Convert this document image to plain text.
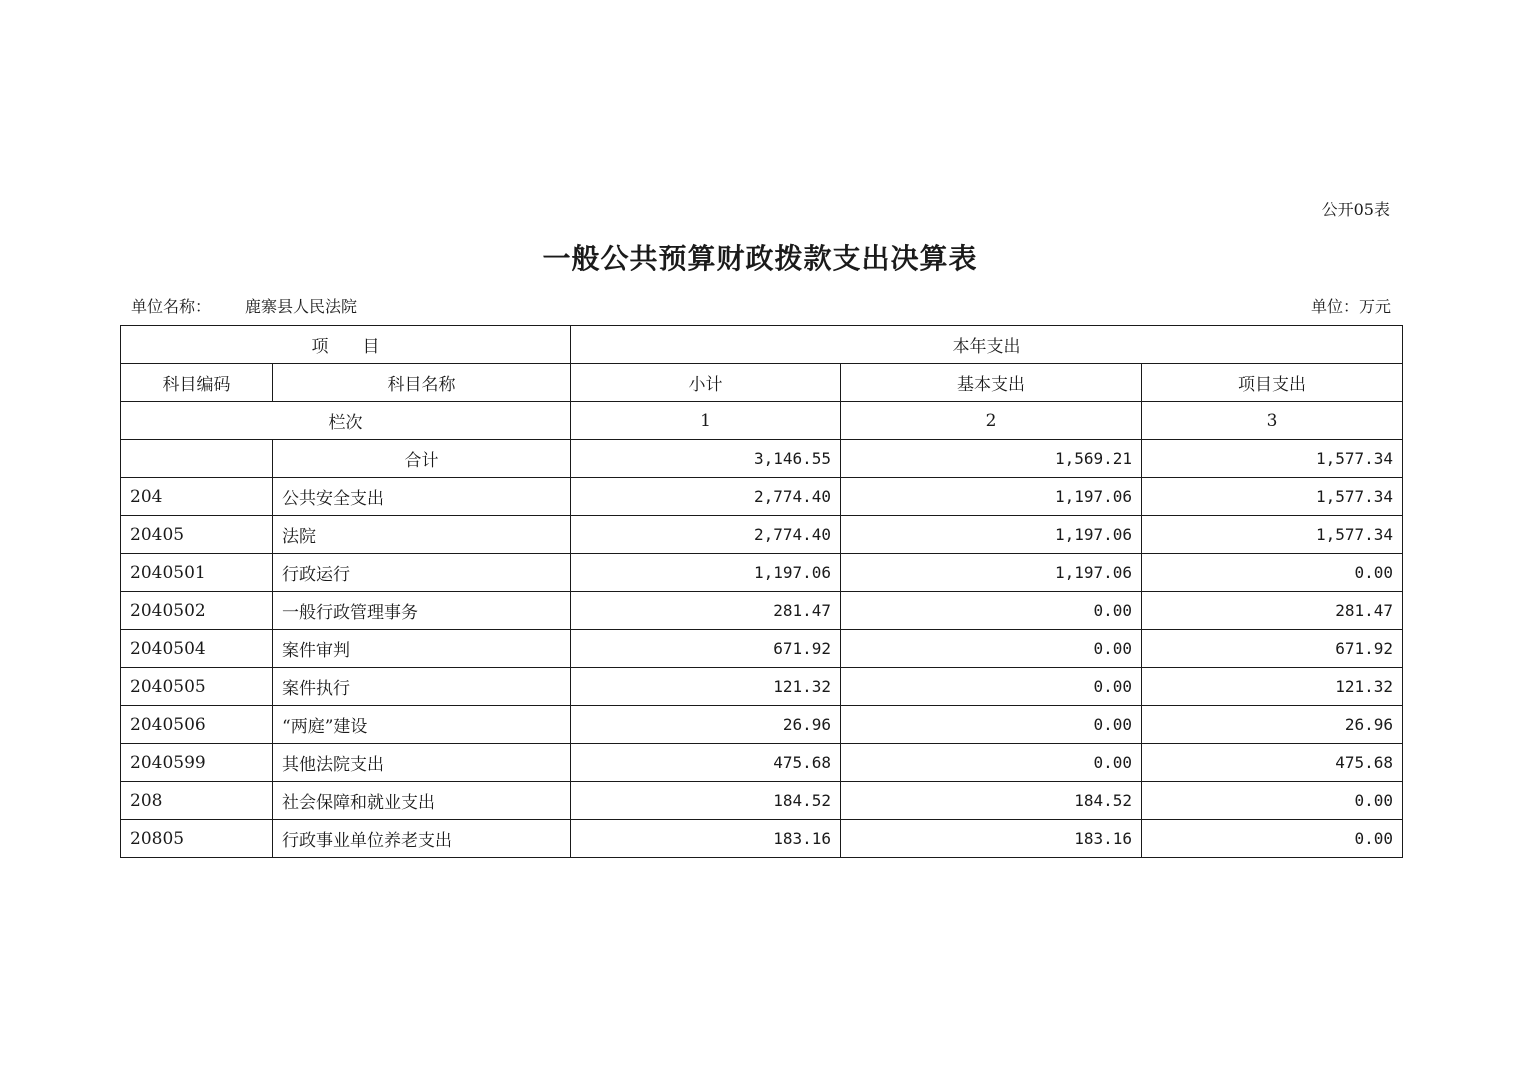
公开05表
一般公共预算财政拨款支出决算表
单位名称： 鹿寨县人民法院	单位：万元
项　　目		本年支出		
科目编码	科目名称	小计	基本支出	项目支出
栏次		1	2	3
	合计	3,146.55	1,569.21	1,577.34
204	公共安全支出	2,774.40	1,197.06	1,577.34
20405	法院	2,774.40	1,197.06	1,577.34
2040501	行政运行	1,197.06	1,197.06	0.00
2040502	一般行政管理事务	281.47	0.00	281.47
2040504	案件审判	671.92	0.00	671.92
2040505	案件执行	121.32	0.00	121.32
2040506	“两庭”建设	26.96	0.00	26.96
2040599	其他法院支出	475.68	0.00	475.68
208	社会保障和就业支出	184.52	184.52	0.00
20805	行政事业单位养老支出	183.16	183.16	0.00
